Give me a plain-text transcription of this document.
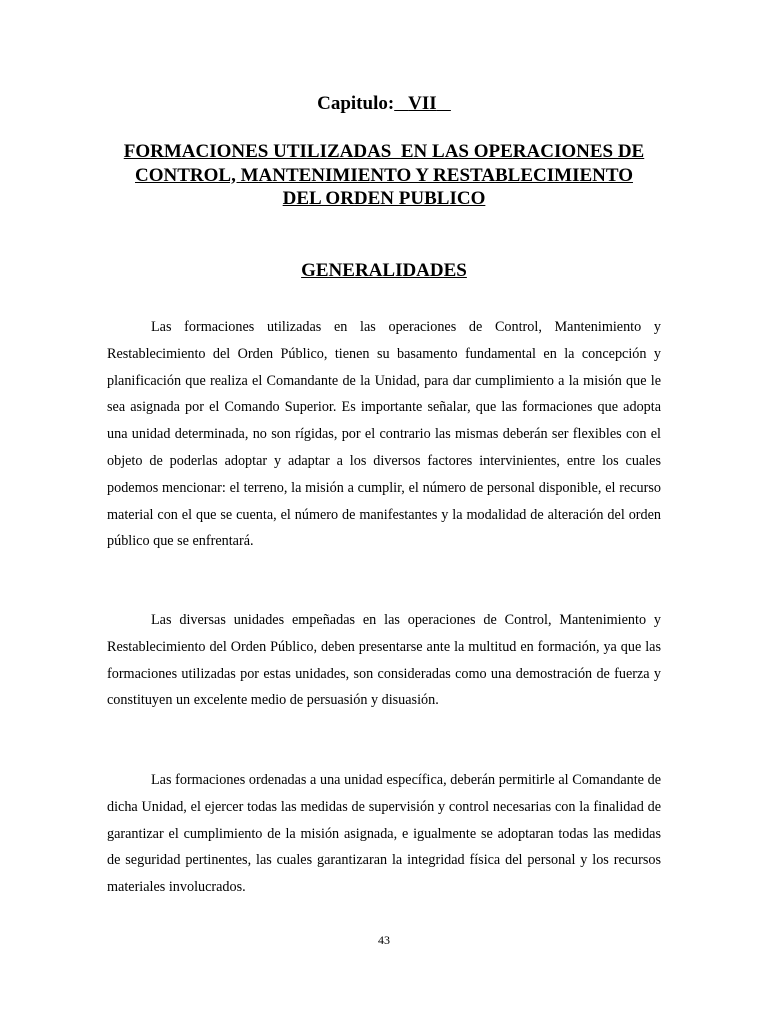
Capitulo: VII
FORMACIONES UTILIZADAS  EN LAS OPERACIONES DE
CONTROL, MANTENIMIENTO Y RESTABLECIMIENTO
DEL ORDEN PUBLICO
GENERALIDADES

Las formaciones utilizadas en las operaciones de Control, Mantenimiento y Restablecimiento del Orden Público, tienen su basamento fundamental en la concepción y planificación que realiza el Comandante de la Unidad, para dar cumplimiento a la misión que le sea asignada por el Comando Superior. Es importante señalar, que las formaciones que adopta una unidad determinada, no son rígidas, por el contrario las mismas deberán ser flexibles con el objeto de poderlas adoptar y adaptar a los diversos factores intervinientes, entre los cuales podemos mencionar: el terreno, la misión a cumplir, el número de personal disponible, el recurso material con el que se cuenta, el número de manifestantes y la modalidad de alteración del orden público que se enfrentará.

Las diversas unidades empeñadas en las operaciones de Control, Mantenimiento y Restablecimiento del Orden Público, deben presentarse ante la multitud en formación, ya que las formaciones utilizadas por estas unidades, son consideradas como una demostración de fuerza y constituyen un excelente medio de persuasión y disuasión.

Las formaciones ordenadas a una unidad específica, deberán permitirle al Comandante de dicha Unidad, el ejercer todas las medidas de supervisión y control necesarias con la finalidad de garantizar el cumplimiento de la misión asignada, e igualmente se adoptaran todas las medidas de seguridad pertinentes, las cuales garantizaran la integridad física del personal y los recursos materiales involucrados.

43
